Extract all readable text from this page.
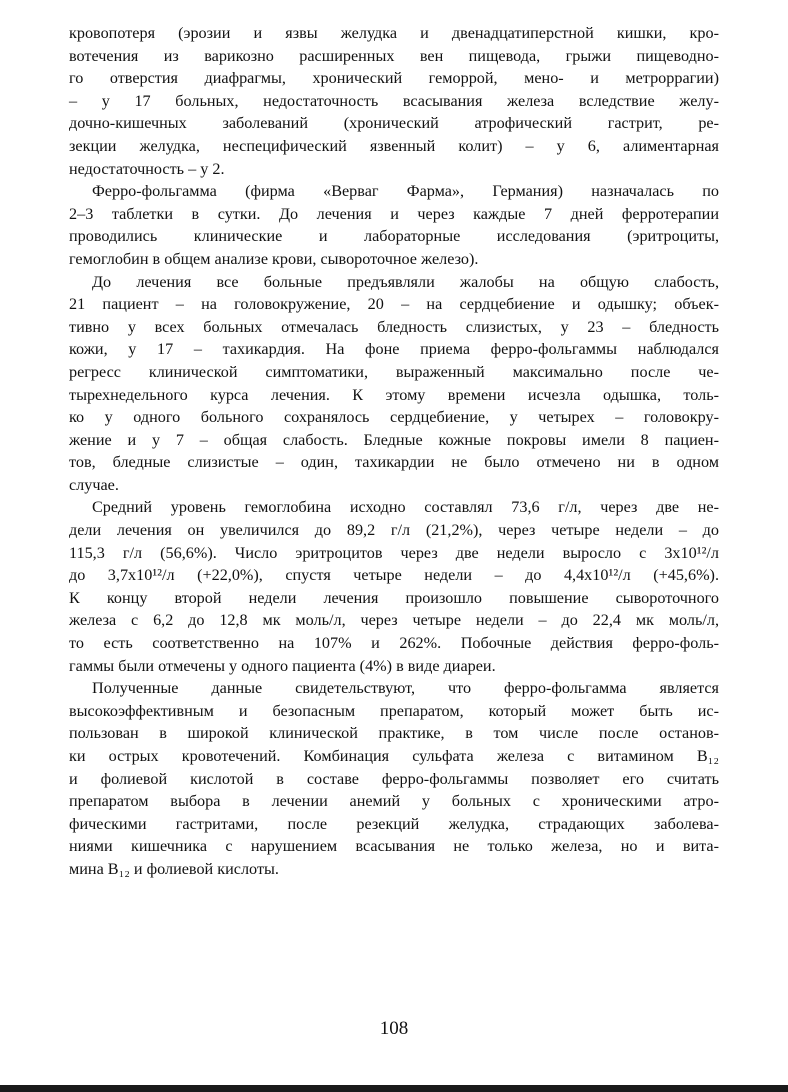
кровопотеря (эрозии и язвы желудка и двенадцатиперстной кишки, кро-
вотечения из варикозно расширенных вен пищевода, грыжи пищеводно-
го отверстия диафрагмы, хронический геморрой, мено- и метроррагии)
– у 17 больных, недостаточность всасывания железа вследствие желу-
дочно-кишечных заболеваний (хронический атрофический гастрит, ре-
зекции желудка, неспецифический язвенный колит) – у 6, алиментарная
недостаточность – у 2.
Ферро-фольгамма (фирма «Верваг Фарма», Германия) назначалась по
2–3 таблетки в сутки. До лечения и через каждые 7 дней ферротерапии
проводились клинические и лабораторные исследования (эритроциты,
гемоглобин в общем анализе крови, сывороточное железо).
До лечения все больные предъявляли жалобы на общую слабость,
21 пациент – на головокружение, 20 – на сердцебиение и одышку; объек-
тивно у всех больных отмечалась бледность слизистых, у 23 – бледность
кожи, у 17 – тахикардия. На фоне приема ферро-фольгаммы наблюдался
регресс клинической симптоматики, выраженный максимально после че-
тырехнедельного курса лечения. К этому времени исчезла одышка, толь-
ко у одного больного сохранялось сердцебиение, у четырех – головокру-
жение и у 7 – общая слабость. Бледные кожные покровы имели 8 пациен-
тов, бледные слизистые – один, тахикардии не было отмечено ни в одном
случае.
Средний уровень гемоглобина исходно составлял 73,6 г/л, через две не-
дели лечения он увеличился до 89,2 г/л (21,2%), через четыре недели – до
115,3 г/л (56,6%). Число эритроцитов через две недели выросло с 3x10¹²/л
до 3,7x10¹²/л (+22,0%), спустя четыре недели – до 4,4x10¹²/л (+45,6%).
К концу второй недели лечения произошло повышение сывороточного
железа с 6,2 до 12,8 мк моль/л, через четыре недели – до 22,4 мк моль/л,
то есть соответственно на 107% и 262%. Побочные действия ферро-фоль-
гаммы были отмечены у одного пациента (4%) в виде диареи.
Полученные данные свидетельствуют, что ферро-фольгамма является
высокоэффективным и безопасным препаратом, который может быть ис-
пользован в широкой клинической практике, в том числе после останов-
ки острых кровотечений. Комбинация сульфата железа с витамином B₁₂
и фолиевой кислотой в составе ферро-фольгаммы позволяет его считать
препаратом выбора в лечении анемий у больных с хроническими атро-
фическими гастритами, после резекций желудка, страдающих заболева-
ниями кишечника с нарушением всасывания не только железа, но и вита-
мина B₁₂ и фолиевой кислоты.
108
